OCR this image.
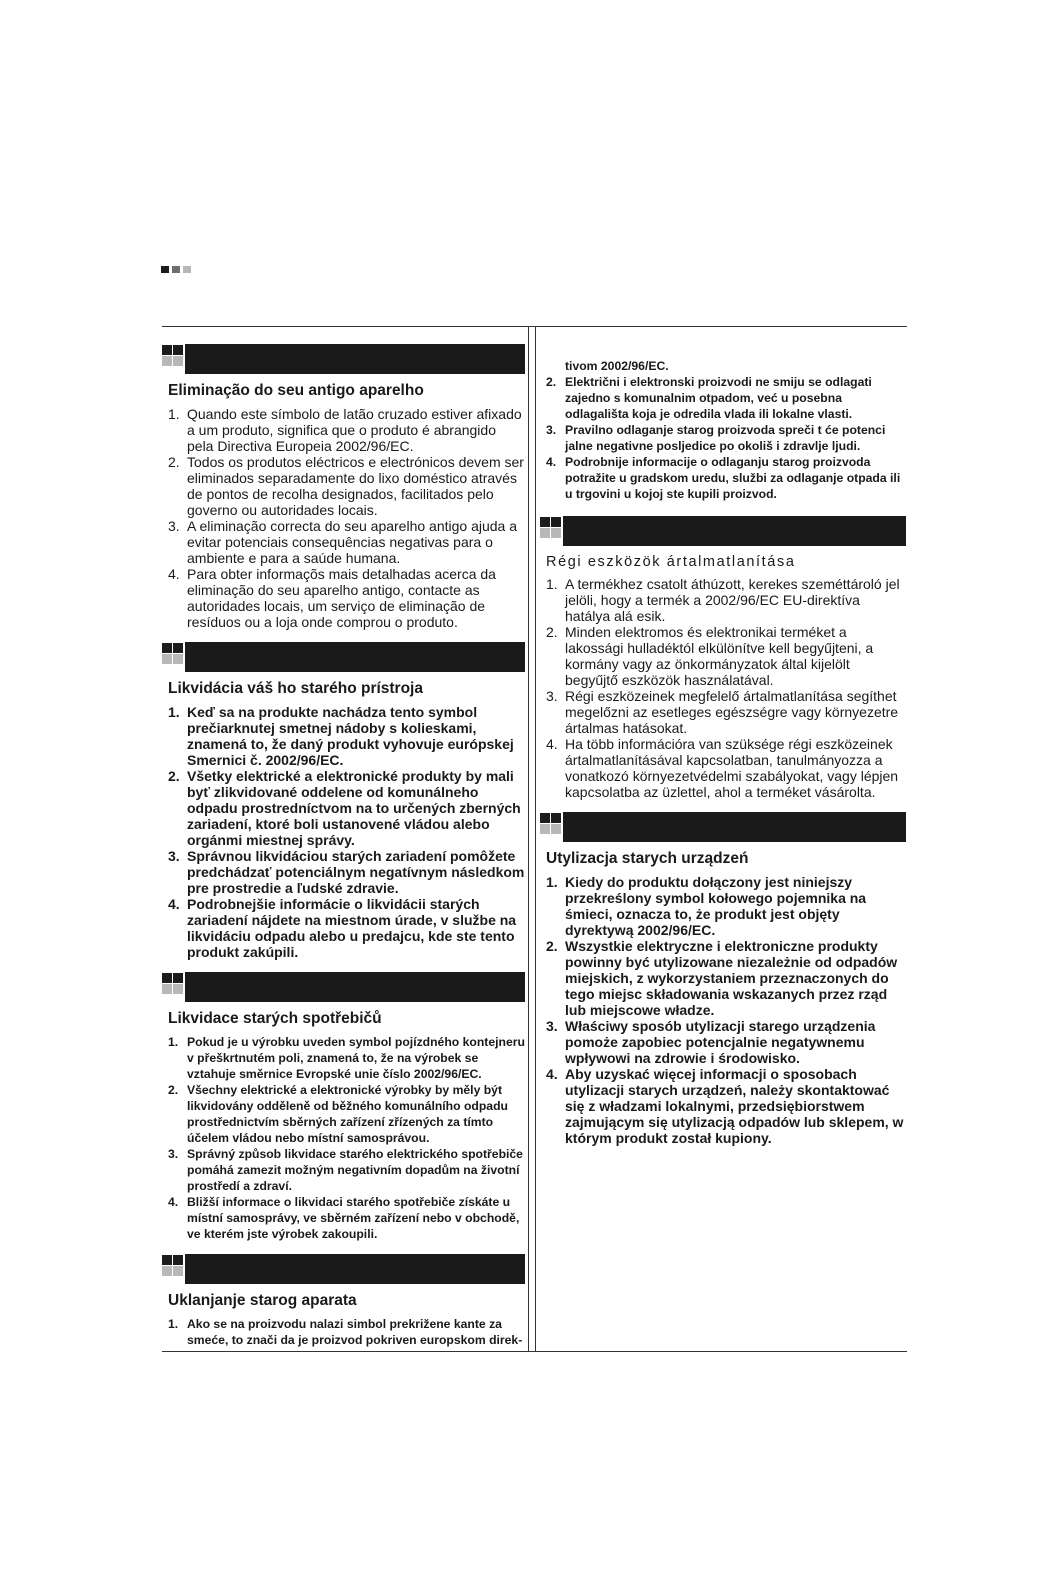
Eliminação do seu antigo aparelho
1. Quando este símbolo de latão cruzado estiver afixado a um produto, significa que o produto é abrangido pela Directiva Europeia 2002/96/EC.
2. Todos os produtos eléctricos e electrónicos devem ser eliminados separadamente do lixo doméstico através de pontos de recolha designados, facilitados pelo governo ou autoridades locais.
3. A eliminação correcta do seu aparelho antigo ajuda a evitar potenciais consequências negativas para o ambiente e para a saúde humana.
4. Para obter informaçõs mais detalhadas acerca da eliminação do seu aparelho antigo, contacte as autoridades locais, um serviço de eliminação de resíduos ou a loja onde comprou o produto.
Likvidácia váš ho starého prístroja
1. Keď sa na produkte nachádza tento symbol prečiarknutej smetnej nádoby s kolieskami, znamená to, že daný produkt vyhovuje európskej Smernici č. 2002/96/EC.
2. Všetky elektrické a elektronické produkty by mali byť zlikvidované oddelene od komunálneho odpadu prostredníctvom na to určených zberných zariadení, ktoré boli ustanovené vládou alebo orgánmi miestnej správy.
3. Správnou likvidáciou starých zariadení pomôžete predchádzať potenciálnym negatívnym následkom pre prostredie a ľudské zdravie.
4. Podrobnejšie informácie o likvidácii starých zariadení nájdete na miestnom úrade, v službe na likvidáciu odpadu alebo u predajcu, kde ste tento produkt zakúpili.
Likvidace starých spotřebičů
1. Pokud je u výrobku uveden symbol pojízdného kontejneru v přeškrtnutém poli, znamená to, že na výrobek se vztahuje směrnice Evropské unie číslo 2002/96/EC.
2. Všechny elektrické a elektronické výrobky by měly být likvidovány odděleně od běžného komunálního odpadu prostřednictvím sběrných zařízení zřízených za tímto účelem vládou nebo místní samosprávou.
3. Správný způsob likvidace starého elektrického spotřebiče pomáhá zamezit možným negativním dopadům na životní prostředí a zdraví.
4. Bližší informace o likvidaci starého spotřebiče získáte u místní samosprávy, ve sběrném zařízení nebo v obchodě, ve kterém jste výrobek zakoupili.
Uklanjanje starog aparata
1. Ako se na proizvodu nalazi simbol prekrižene kante za smeće, to znači da je proizvod pokriven europskom direk-
tivom 2002/96/EC.
2. Električni i elektronski proizvodi ne smiju se odlagati zajedno s komunalnim otpadom, već u posebna odlagališta koja je odredila vlada ili lokalne vlasti.
3. Pravilno odlaganje starog proizvoda spreči t će potenci jalne negativne posljedice po okoliš i zdravlje ljudi.
4. Podrobnije informacije o odlaganju starog proizvoda potražite u gradskom uredu, službi za odlaganje otpada ili u trgovini u kojoj ste kupili proizvod.
Régi eszközök ártalmatlanítása
1. A termékhez csatolt áthúzott, kerekes szeméttároló jel jelöli, hogy a termék a 2002/96/EC EU-direktíva hatálya alá esik.
2. Minden elektromos és elektronikai terméket a lakossági hulladéktól elkülönítve kell begyűjteni, a kormány vagy az önkormányzatok által kijelölt begyűjtő eszközök használatával.
3. Régi eszközeinek megfelelő ártalmatlanítása segíthet megelőzni az esetleges egészségre vagy környezetre ártalmas hatásokat.
4. Ha több információra van szüksége régi eszközeinek ártalmatlanításával kapcsolatban, tanulmányozza a vonatkozó környezetvédelmi szabályokat, vagy lépjen kapcsolatba az üzlettel, ahol a terméket vásárolta.
Utylizacja starych urządzeń
1. Kiedy do produktu dołączony jest niniejszy przekreślony symbol kołowego pojemnika na śmieci, oznacza to, że produkt jest objęty dyrektywą 2002/96/EC.
2. Wszystkie elektryczne i elektroniczne produkty powinny być utylizowane niezależnie od odpadów miejskich, z wykorzystaniem przeznaczonych do tego miejsc składowania wskazanych przez rząd lub miejscowe władze.
3. Właściwy sposób utylizacji starego urządzenia pomoże zapobiec potencjalnie negatywnemu wpływowi na zdrowie i środowisko.
4. Aby uzyskać więcej informacji o sposobach utylizacji starych urządzeń, należy skontaktować się z władzami lokalnymi, przedsiębiorstwem zajmującym się utylizacją odpadów lub sklepem, w którym produkt został kupiony.
